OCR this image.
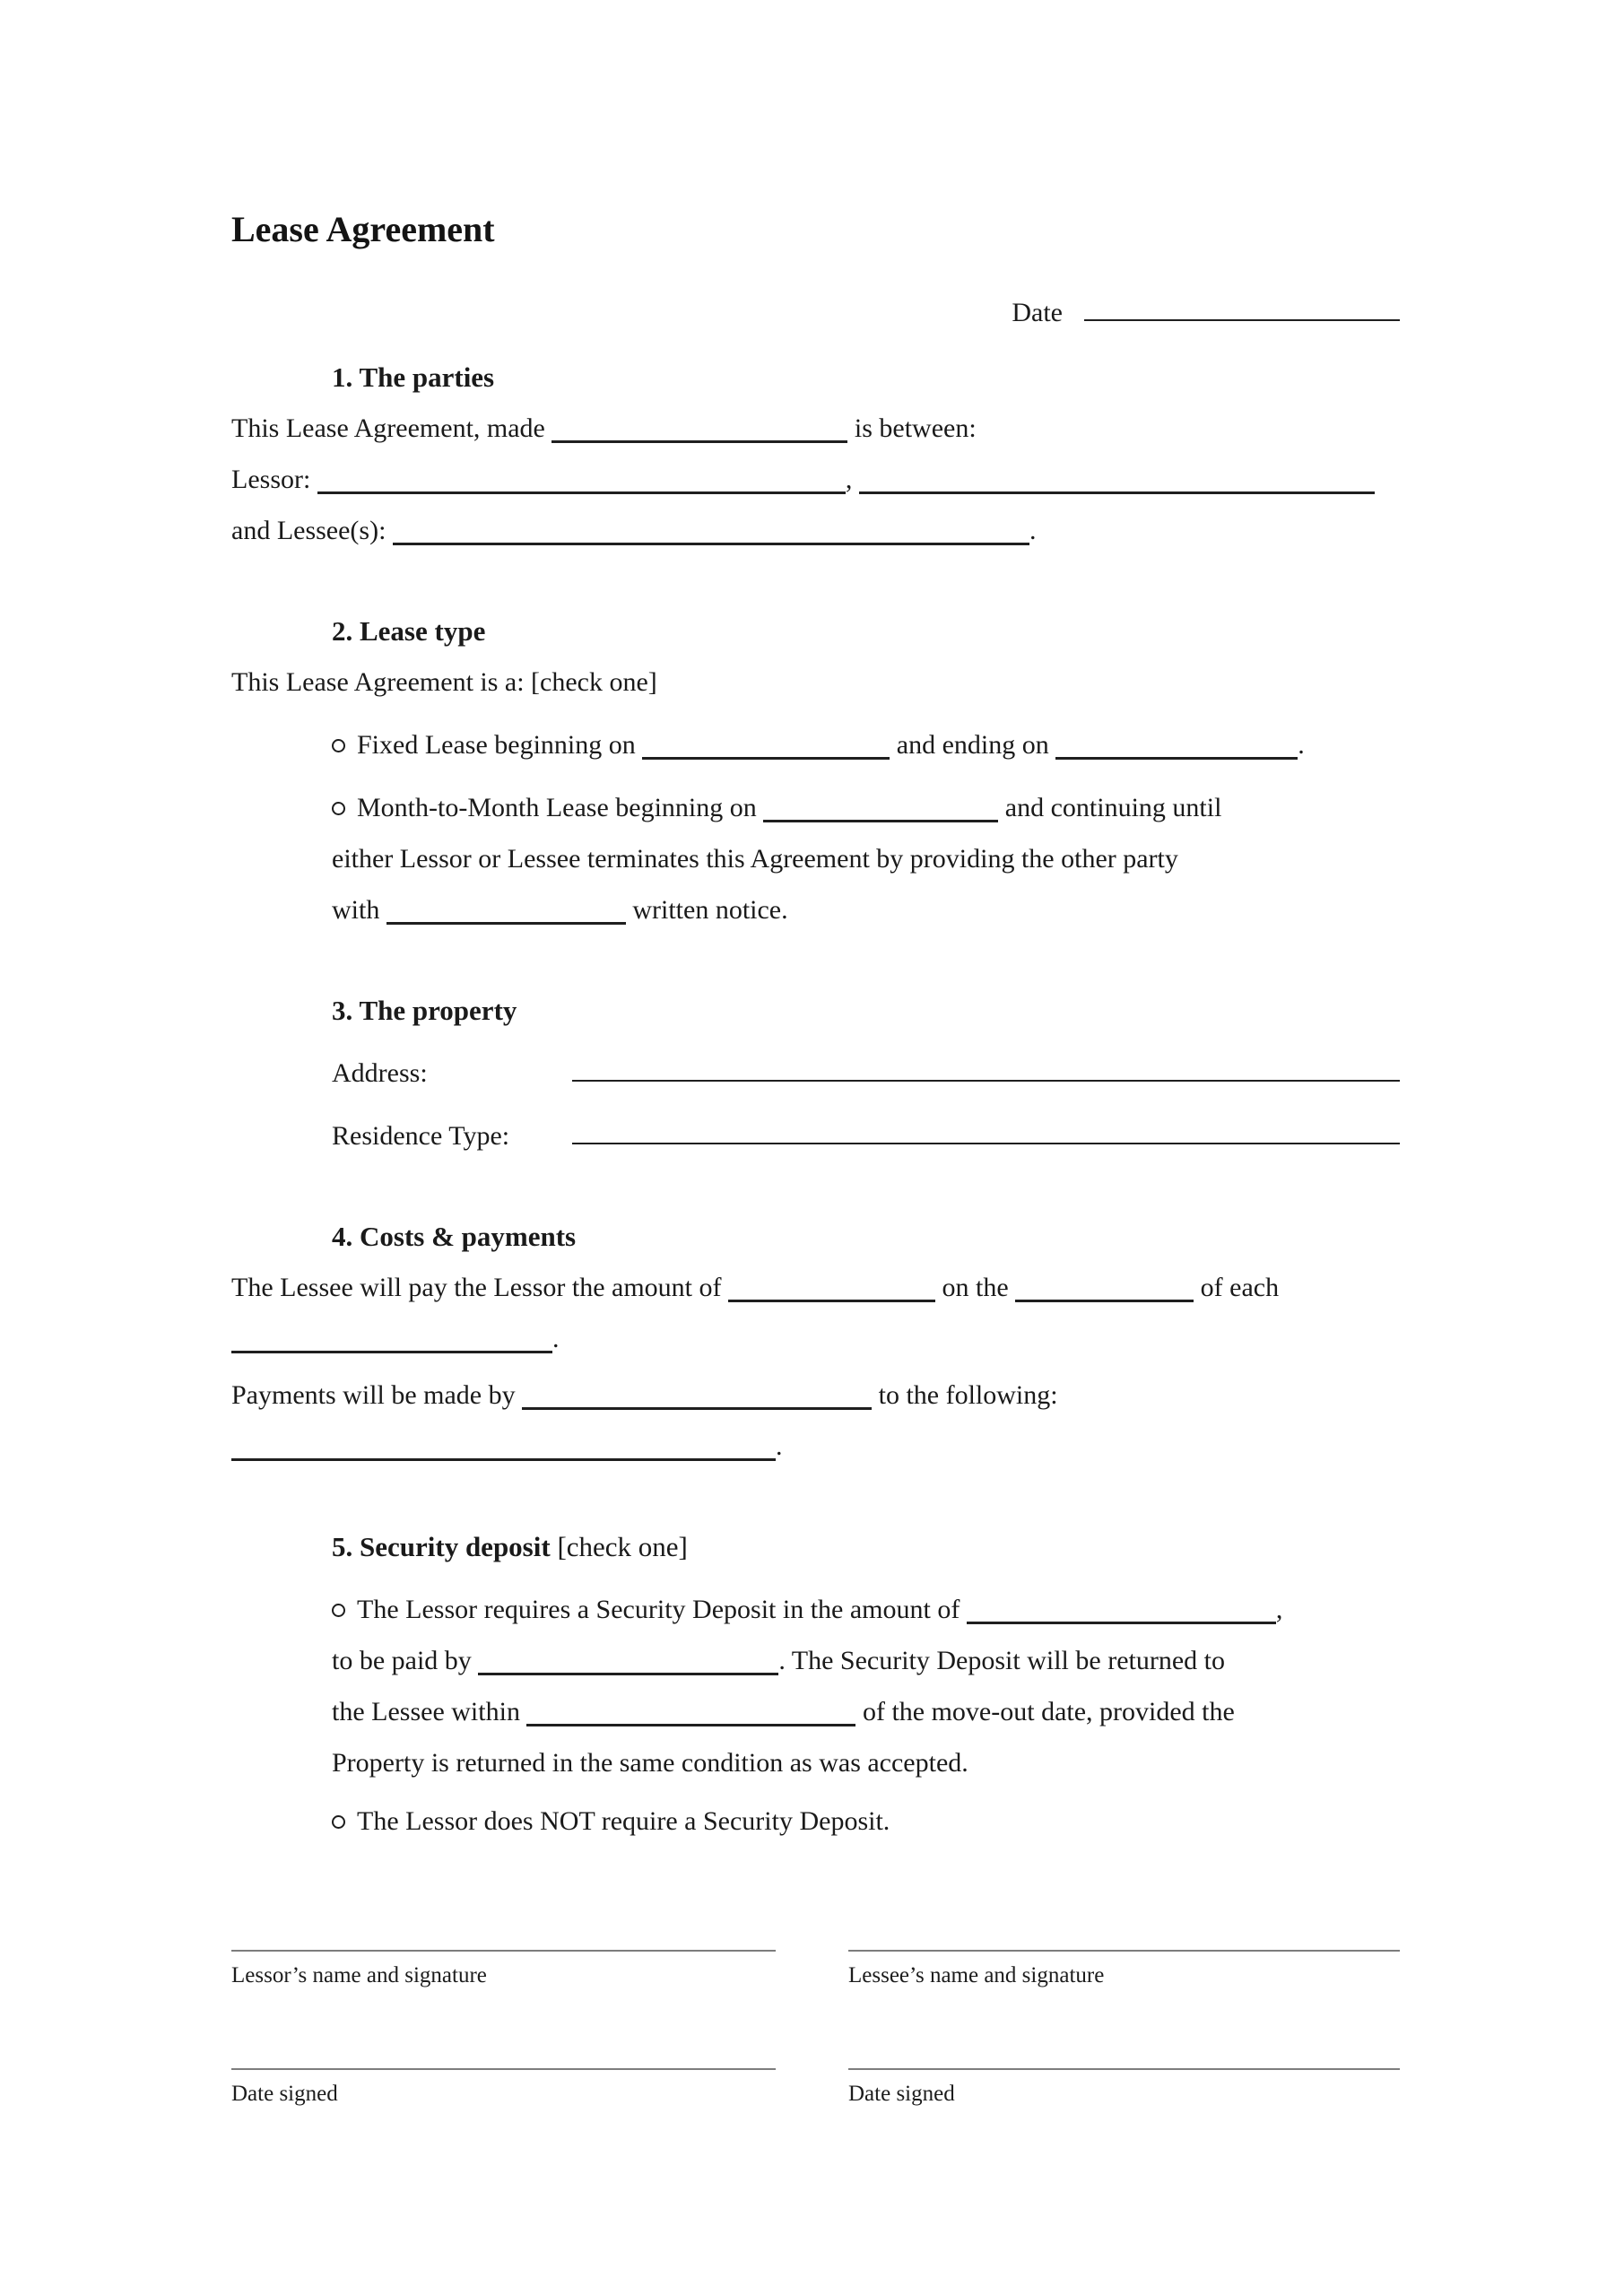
Lease Agreement
Date
1. The parties
This Lease Agreement, made	is between:
Lessor:	,
and Lessee(s):	.
2. Lease type
This Lease Agreement is a: [check one]
Fixed Lease beginning on	and ending on	.
Month-to-Month Lease beginning on	and continuing until
either Lessor or Lessee terminates this Agreement by providing the other party
with	written notice.
3. The property
Address:
Residence Type:
4. Costs & payments
The Lessee will pay the Lessor the amount of	on the	of each
.
Payments will be made by	to the following:
.
5. Security deposit [check one]
The Lessor requires a Security Deposit in the amount of	,
to be paid by	. The Security Deposit will be returned to
the Lessee within	of the move-out date, provided the
Property is returned in the same condition as was accepted.
The Lessor does NOT require a Security Deposit.
Lessor’s name and signature	Lessee’s name and signature
Date signed	Date signed
